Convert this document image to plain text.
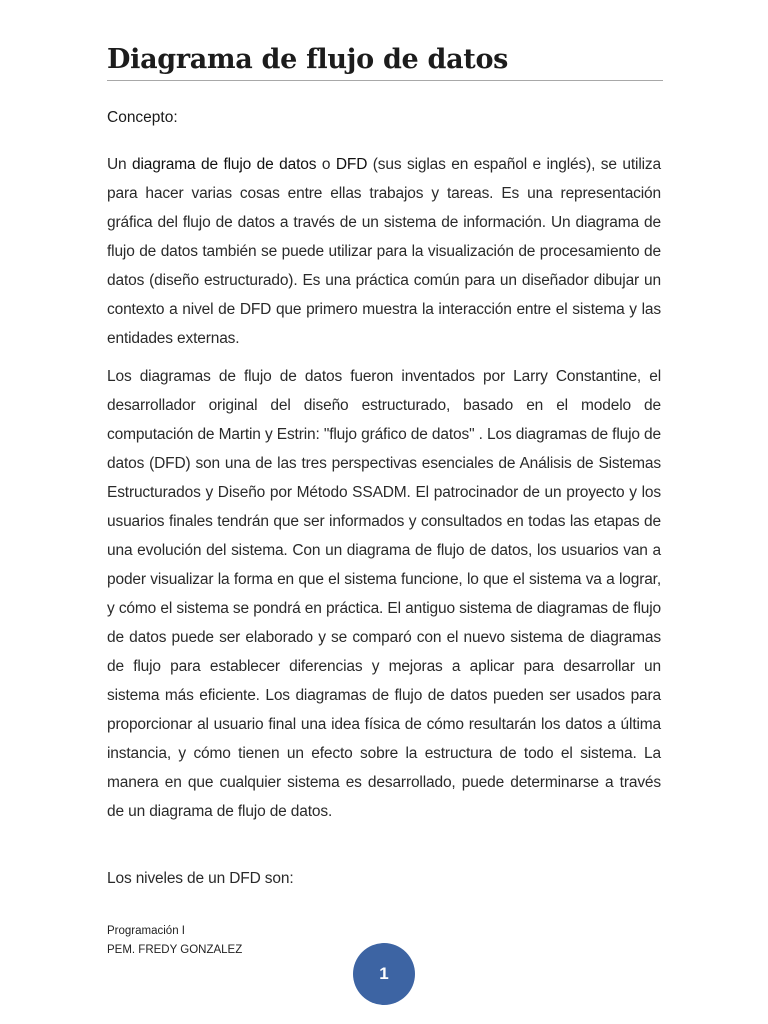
Diagrama de flujo de datos
Concepto:

Un diagrama de flujo de datos o DFD (sus siglas en español e inglés), se utiliza para hacer varias cosas entre ellas trabajos y tareas. Es una representación gráfica del flujo de datos a través de un sistema de información. Un diagrama de flujo de datos también se puede utilizar para la visualización de procesamiento de datos (diseño estructurado). Es una práctica común para un diseñador dibujar un contexto a nivel de DFD que primero muestra la interacción entre el sistema y las entidades externas.

Los diagramas de flujo de datos fueron inventados por Larry Constantine, el desarrollador original del diseño estructurado, basado en el modelo de computación de Martin y Estrin: "flujo gráfico de datos" . Los diagramas de flujo de datos (DFD) son una de las tres perspectivas esenciales de Análisis de Sistemas Estructurados y Diseño por Método SSADM. El patrocinador de un proyecto y los usuarios finales tendrán que ser informados y consultados en todas las etapas de una evolución del sistema. Con un diagrama de flujo de datos, los usuarios van a poder visualizar la forma en que el sistema funcione, lo que el sistema va a lograr, y cómo el sistema se pondrá en práctica. El antiguo sistema de diagramas de flujo de datos puede ser elaborado y se comparó con el nuevo sistema de diagramas de flujo para establecer diferencias y mejoras a aplicar para desarrollar un sistema más eficiente. Los diagramas de flujo de datos pueden ser usados para proporcionar al usuario final una idea física de cómo resultarán los datos a última instancia, y cómo tienen un efecto sobre la estructura de todo el sistema. La manera en que cualquier sistema es desarrollado, puede determinarse a través de un diagrama de flujo de datos.

Los niveles de un DFD son:

Programación I
PEM. FREDY GONZALEZ
1
